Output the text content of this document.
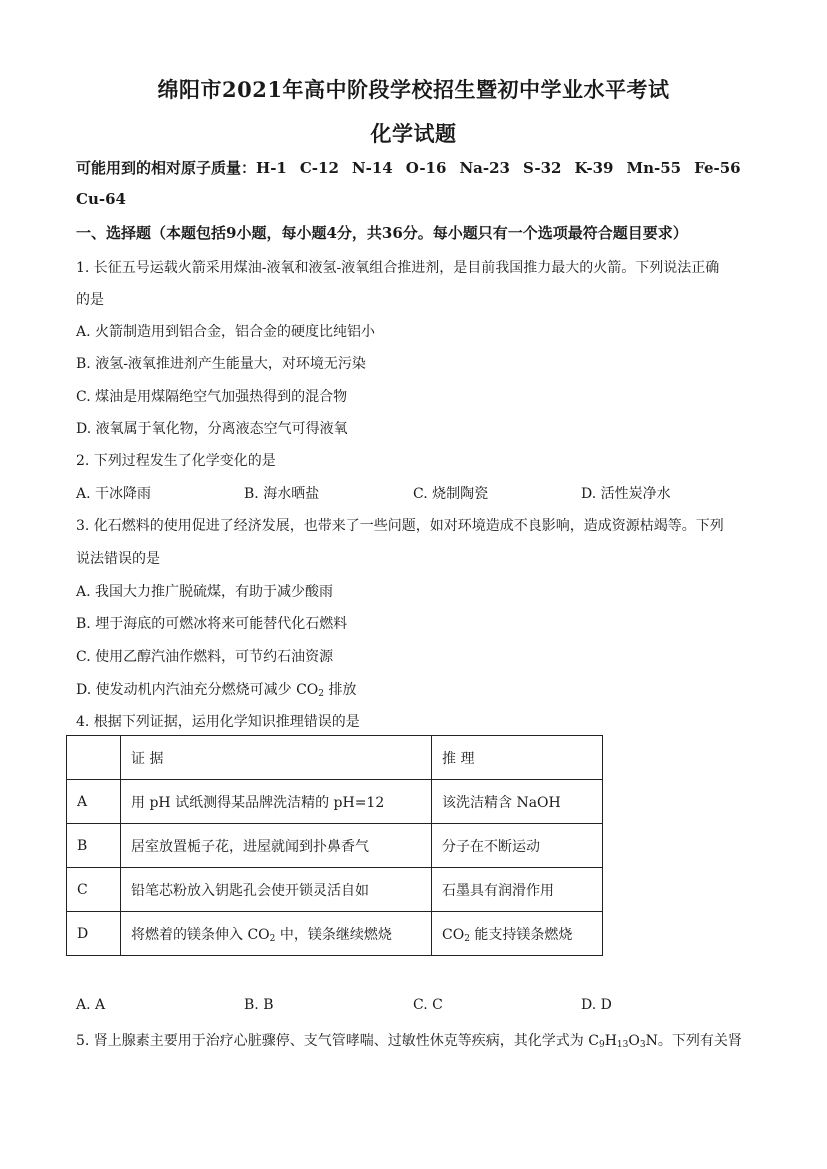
绵阳市2021年高中阶段学校招生暨初中学业水平考试
化学试题
可能用到的相对原子质量：H-1 C-12 N-14 O-16 Na-23 S-32 K-39 Mn-55 Fe-56
Cu-64
一、选择题（本题包括9小题，每小题4分，共36分。每小题只有一个选项最符合题目要求）
1. 长征五号运载火箭采用煤油-液氧和液氢-液氧组合推进剂，是目前我国推力最大的火箭。下列说法正确
的是
A. 火箭制造用到铝合金，铝合金的硬度比纯铝小
B. 液氢-液氧推进剂产生能量大，对环境无污染
C. 煤油是用煤隔绝空气加强热得到的混合物
D. 液氧属于氧化物，分离液态空气可得液氧
2. 下列过程发生了化学变化的是
A. 干冰降雨	B. 海水晒盐	C. 烧制陶瓷	D. 活性炭净水
3. 化石燃料的使用促进了经济发展，也带来了一些问题，如对环境造成不良影响，造成资源枯竭等。下列
说法错误的是
A. 我国大力推广脱硫煤，有助于减少酸雨
B. 埋于海底的可燃冰将来可能替代化石燃料
C. 使用乙醇汽油作燃料，可节约石油资源
D. 使发动机内汽油充分燃烧可减少 $CO_2$ 排放
4. 根据下列证据，运用化学知识推理错误的是
	证 据	推 理
A	用 pH 试纸测得某品牌洗洁精的 pH=12	该洗洁精含 NaOH
B	居室放置栀子花，进屋就闻到扑鼻香气	分子在不断运动
C	铅笔芯粉放入钥匙孔会使开锁灵活自如	石墨具有润滑作用
D	将燃着的镁条伸入 $CO_2$ 中，镁条继续燃烧	$CO_2$ 能支持镁条燃烧
A. A	B. B	C. C	D. D
5. 肾上腺素主要用于治疗心脏骤停、支气管哮喘、过敏性休克等疾病，其化学式为 $C_9H_{13}O_3N$。下列有关肾
